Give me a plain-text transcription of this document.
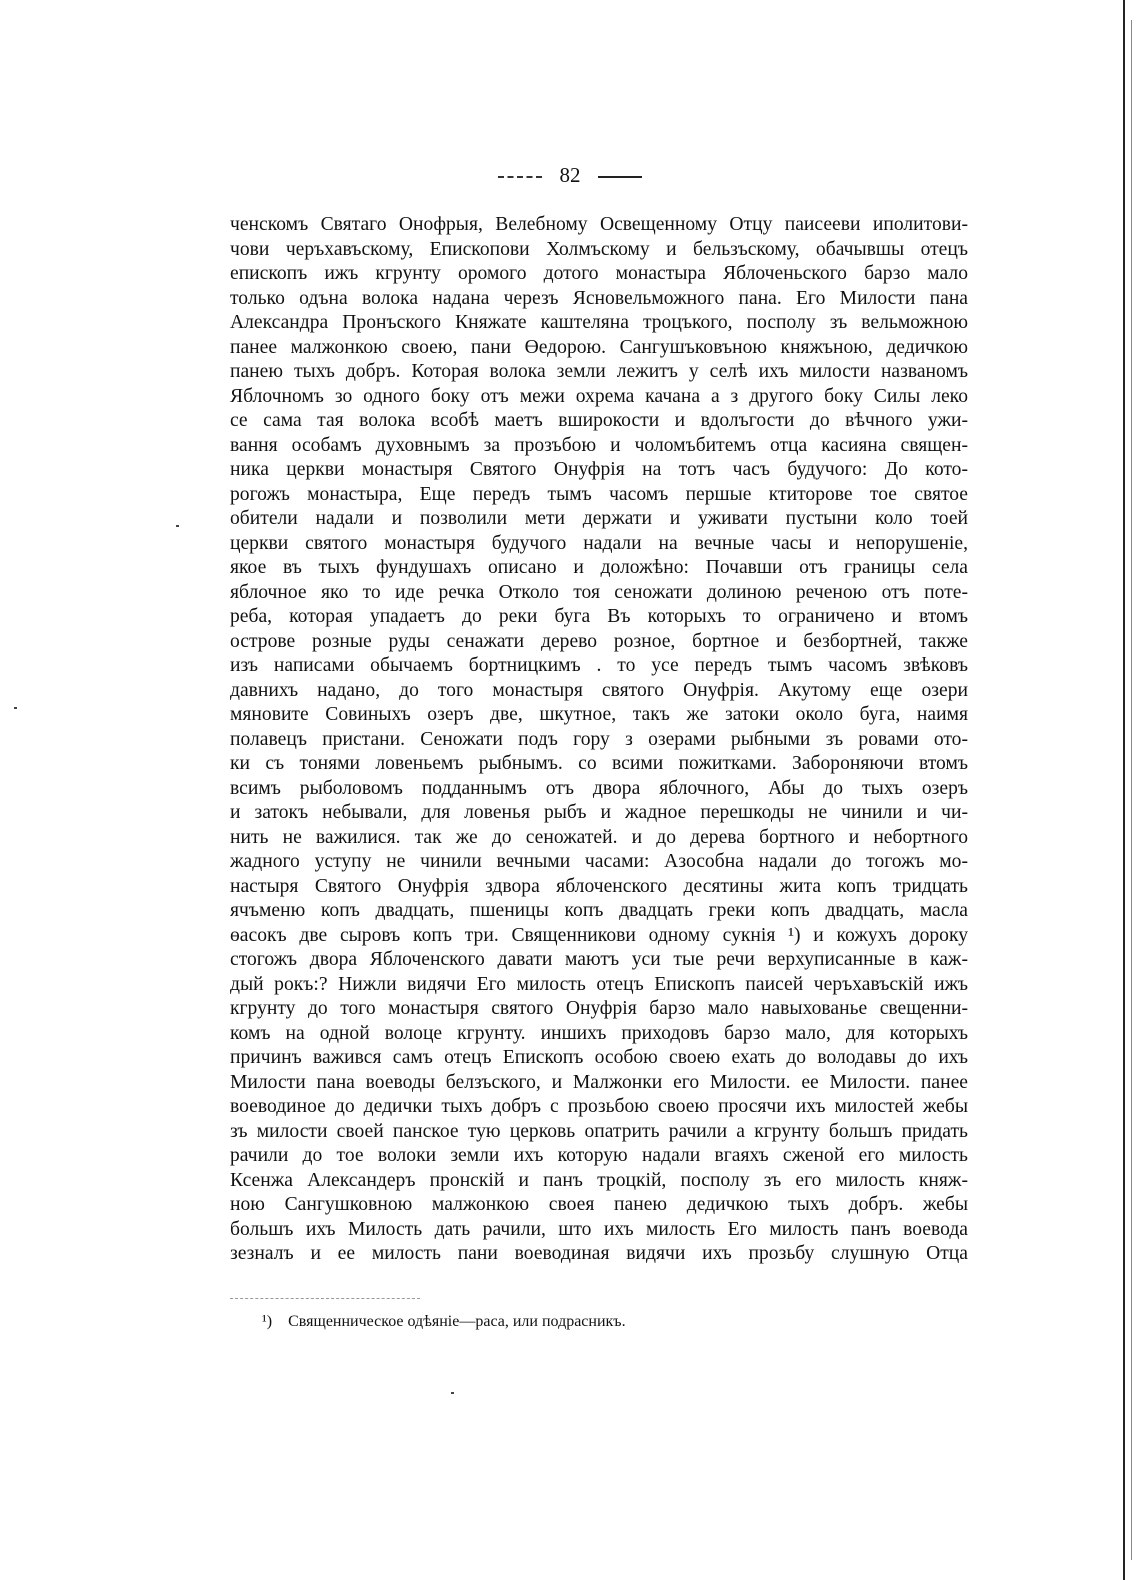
82
ченскомъ Святаго Онофрыя, Велебному Освещенному Отцу паисееви иполитови-
чови черъхавъскому, Епископови Холмъскому и бельзъскому, обачывшы отецъ
епископъ ижъ кгрунту оромого дотого монастыра Яблоченьского барзо мало
только одъна волока надана черезъ Ясновельможного пана. Его Милости пана
Александра Пронъского Княжате каштеляна троцъкого, посполу зъ вельможною
панее малжонкою своею, пани Өедорою. Сангушъковъною княжъною, дедичкою
панею тыхъ добръ. Которая волока земли лежитъ у селѣ ихъ милости названомъ
Яблочномъ зо одного боку отъ межи охрема качана а з другого боку Силы леко
се сама тая волока всобѣ маетъ вширокости и вдолъгости до вѣчного ужи-
вання особамъ духовнымъ за прозъбою и чоломъбитемъ отца касияна священ-
ника церкви монастыря Святого Онуфрія на тотъ часъ будучого: До кото-
рогожъ монастыра, Еще передъ тымъ часомъ першые ктиторове тое святое
обители надали и позволили мети держати и уживати пустыни коло тоей
церкви святого монастыря будучого надали на вечные часы и непорушеніе,
якое въ тыхъ фундушахъ описано и доложѣно: Почавши отъ границы села
яблочное яко то иде речка Отколо тоя сеножати долиною реченою отъ поте-
реба, которая упадаетъ до реки буга Въ которыхъ то ограничено и втомъ
острове розные руды сенажати дерево розное, бортное и безбортней, также
изъ написами обычаемъ бортницкимъ . то усе передъ тымъ часомъ звѣковъ
давнихъ надано, до того монастыря святого Онуфрія. Акутому еще озери
мяновите Совиныхъ озеръ две, шкутное, такъ же затоки около буга, наимя
полавецъ пристани. Сеножати подъ гору з озерами рыбными зъ ровами ото-
ки съ тонями ловеньемъ рыбнымъ. со всими пожитками. Забороняючи втомъ
всимъ рыболовомъ подданнымъ отъ двора яблочного, Абы до тыхъ озеръ
и затокъ небывали, для ловенья рыбъ и жадное перешкоды не чинили и чи-
нить не важилися. так же до сеножатей. и до дерева бортного и небортного
жадного уступу не чинили вечными часами: Азособна надали до тогожъ мо-
настыря Святого Онуфрія здвора яблоченского десятины жита копъ тридцать
ячъменю копъ двадцать, пшеницы копъ двадцать греки копъ двадцать, масла
өасокъ две сыровъ копъ три. Священникови одному сукнія ¹) и кожухъ дороку
стогожъ двора Яблоченского давати маютъ уси тые речи верхуписанные в каж-
дый рокъ:? Нижли видячи Его милость отецъ Епископъ паисей черъхавъскій ижъ
кгрунту до того монастыря святого Онуфрія барзо мало навыхованье свещенни-
комъ на одной волоце кгрунту. иншихъ приходовъ барзо мало, для которыхъ
причинъ важився самъ отецъ Епископъ особою своею ехать до володавы до ихъ
Милости пана воеводы белзъского, и Малжонки его Милости. ее Милости. панее
воеводиное до дедички тыхъ добръ с прозьбою своею просячи ихъ милостей жебы
зъ милости своей панское тую церковь опатрить рачили а кгрунту большъ придать
рачили до тое волоки земли ихъ которую надали вгаяхъ сженой его милость
Ксенжа Александеръ пронскій и панъ троцкій, посполу зъ его милость княж-
ною Сангушковною малжонкою своея панею дедичкою тыхъ добръ. жебы
большъ ихъ Милость дать рачили, што ихъ милость Его милость панъ воевода
зезналъ и ее милость пани воеводиная видячи ихъ прозьбу слушную Отца
¹) Священническое одѣяніе—раса, или подрасникъ.
